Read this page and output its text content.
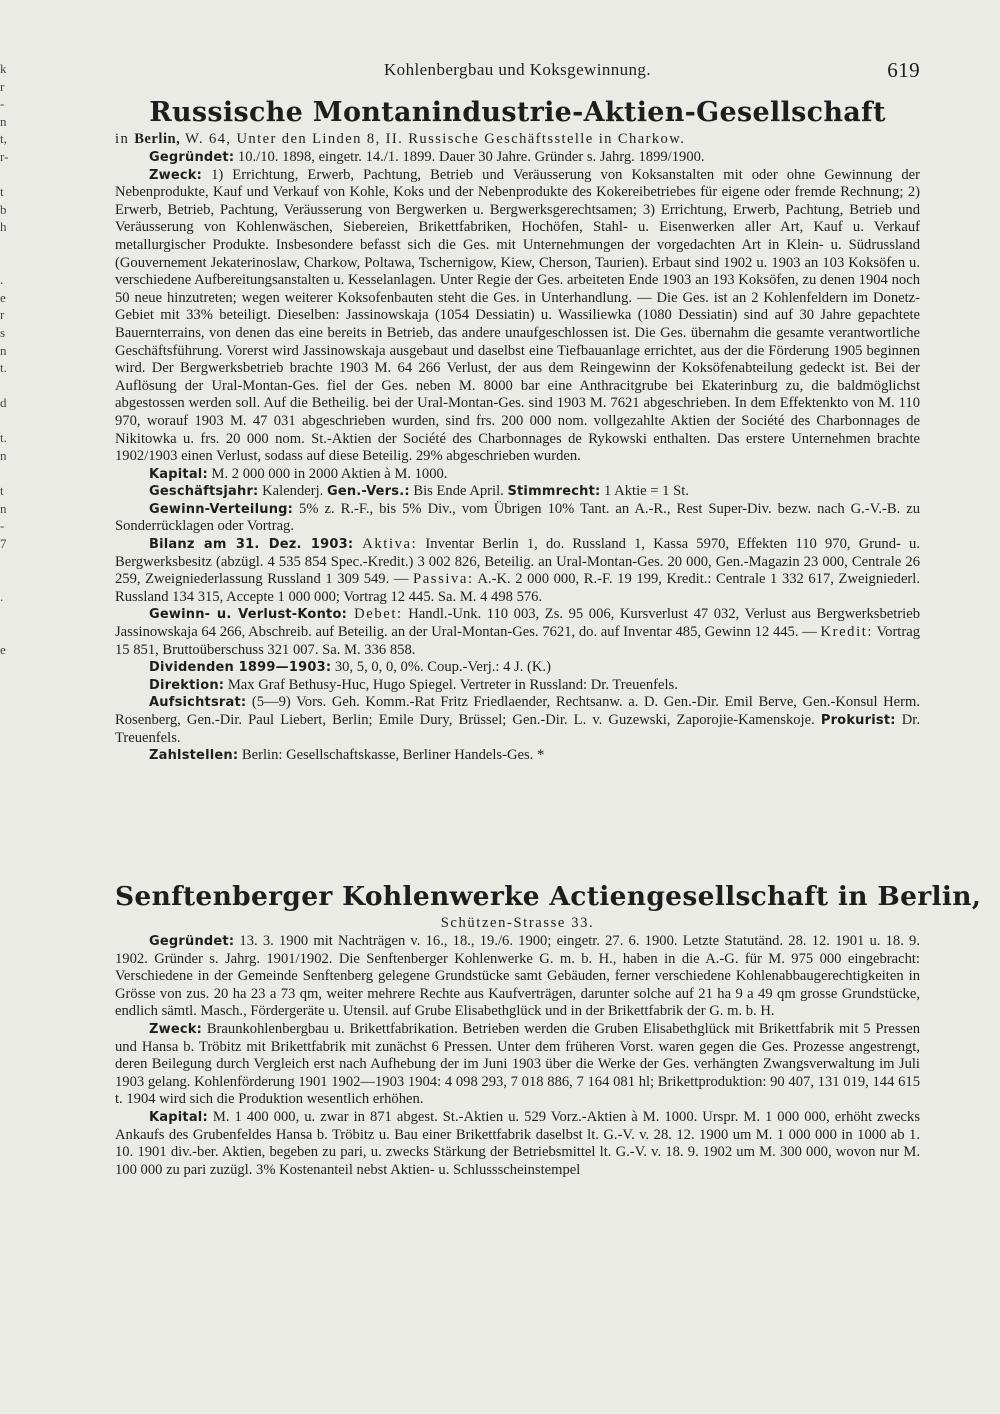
k
r
-
n
t,
r-
t
b
h
.
e
r
s
n
t.
d
t.
n
t
n
-
7
.
e
Kohlenbergbau und Koksgewinnung.	619
Russische Montanindustrie-Aktien-Gesellschaft
in Berlin, W. 64, Unter den Linden 8, II. Russische Geschäftsstelle in Charkow.

Gegründet: 10./10. 1898, eingetr. 14./1. 1899. Dauer 30 Jahre. Gründer s. Jahrg. 1899/1900.

Zweck: 1) Errichtung, Erwerb, Pachtung, Betrieb und Veräusserung von Koksanstalten mit oder ohne Gewinnung der Nebenprodukte, Kauf und Verkauf von Kohle, Koks und der Nebenprodukte des Kokereibetriebes für eigene oder fremde Rechnung; 2) Erwerb, Betrieb, Pachtung, Veräusserung von Bergwerken u. Bergwerksgerechtsamen; 3) Errichtung, Erwerb, Pachtung, Betrieb und Veräusserung von Kohlenwäschen, Siebereien, Brikettfabriken, Hochöfen, Stahl- u. Eisenwerken aller Art, Kauf u. Verkauf metallurgischer Produkte. Insbesondere befasst sich die Ges. mit Unternehmungen der vorgedachten Art in Klein- u. Südrussland (Gouvernement Jekaterinoslaw, Charkow, Poltawa, Tschernigow, Kiew, Cherson, Taurien). Erbaut sind 1902 u. 1903 an 103 Koksöfen u. verschiedene Aufbereitungsanstalten u. Kesselanlagen. Unter Regie der Ges. arbeiteten Ende 1903 an 193 Koksöfen, zu denen 1904 noch 50 neue hinzutreten; wegen weiterer Koksofenbauten steht die Ges. in Unterhandlung. — Die Ges. ist an 2 Kohlenfeldern im Donetz-Gebiet mit 33% beteiligt. Dieselben: Jassinowskaja (1054 Dessiatin) u. Wassiliewka (1080 Dessiatin) sind auf 30 Jahre gepachtete Bauernterrains, von denen das eine bereits in Betrieb, das andere unaufgeschlossen ist. Die Ges. übernahm die gesamte verantwortliche Geschäftsführung. Vorerst wird Jassinowskaja ausgebaut und daselbst eine Tiefbauanlage errichtet, aus der die Förderung 1905 beginnen wird. Der Bergwerksbetrieb brachte 1903 M. 64 266 Verlust, der aus dem Reingewinn der Koksöfenabteilung gedeckt ist. Bei der Auflösung der Ural-Montan-Ges. fiel der Ges. neben M. 8000 bar eine Anthracitgrube bei Ekaterinburg zu, die baldmöglichst abgestossen werden soll. Auf die Betheilig. bei der Ural-Montan-Ges. sind 1903 M. 7621 abgeschrieben. In dem Effektenkto von M. 110 970, worauf 1903 M. 47 031 abgeschrieben wurden, sind frs. 200 000 nom. vollgezahlte Aktien der Société des Charbonnages de Nikitowka u. frs. 20 000 nom. St.-Aktien der Société des Charbonnages de Rykowski enthalten. Das erstere Unternehmen brachte 1902/1903 einen Verlust, sodass auf diese Beteilig. 29% abgeschrieben wurden.

Kapital: M. 2 000 000 in 2000 Aktien à M. 1000.

Geschäftsjahr: Kalenderj. Gen.-Vers.: Bis Ende April. Stimmrecht: 1 Aktie = 1 St.

Gewinn-Verteilung: 5% z. R.-F., bis 5% Div., vom Übrigen 10% Tant. an A.-R., Rest Super-Div. bezw. nach G.-V.-B. zu Sonderrücklagen oder Vortrag.

Bilanz am 31. Dez. 1903: Aktiva: Inventar Berlin 1, do. Russland 1, Kassa 5970, Effekten 110 970, Grund- u. Bergwerksbesitz (abzügl. 4 535 854 Spec.-Kredit.) 3 002 826, Beteilig. an Ural-Montan-Ges. 20 000, Gen.-Magazin 23 000, Centrale 26 259, Zweigniederlassung Russland 1 309 549. — Passiva: A.-K. 2 000 000, R.-F. 19 199, Kredit.: Centrale 1 332 617, Zweigniederl. Russland 134 315, Accepte 1 000 000; Vortrag 12 445. Sa. M. 4 498 576.

Gewinn- u. Verlust-Konto: Debet: Handl.-Unk. 110 003, Zs. 95 006, Kursverlust 47 032, Verlust aus Bergwerksbetrieb Jassinowskaja 64 266, Abschreib. auf Beteilig. an der Ural-Montan-Ges. 7621, do. auf Inventar 485, Gewinn 12 445. — Kredit: Vortrag 15 851, Bruttoüberschuss 321 007. Sa. M. 336 858.

Dividenden 1899—1903: 30, 5, 0, 0, 0%. Coup.-Verj.: 4 J. (K.)

Direktion: Max Graf Bethusy-Huc, Hugo Spiegel. Vertreter in Russland: Dr. Treuenfels.

Aufsichtsrat: (5—9) Vors. Geh. Komm.-Rat Fritz Friedlaender, Rechtsanw. a. D. Gen.-Dir. Emil Berve, Gen.-Konsul Herm. Rosenberg, Gen.-Dir. Paul Liebert, Berlin; Emile Dury, Brüssel; Gen.-Dir. L. v. Guzewski, Zaporojie-Kamenskoje. Prokurist: Dr. Treuenfels.

Zahlstellen: Berlin: Gesellschaftskasse, Berliner Handels-Ges. *

Senftenberger Kohlenwerke Actiengesellschaft in Berlin,
Schützen-Strasse 33.

Gegründet: 13. 3. 1900 mit Nachträgen v. 16., 18., 19./6. 1900; eingetr. 27. 6. 1900. Letzte Statutänd. 28. 12. 1901 u. 18. 9. 1902. Gründer s. Jahrg. 1901/1902. Die Senftenberger Kohlenwerke G. m. b. H., haben in die A.-G. für M. 975 000 eingebracht: Verschiedene in der Gemeinde Senftenberg gelegene Grundstücke samt Gebäuden, ferner verschiedene Kohlenabbaugerechtigkeiten in Grösse von zus. 20 ha 23 a 73 qm, weiter mehrere Rechte aus Kaufverträgen, darunter solche auf 21 ha 9 a 49 qm grosse Grundstücke, endlich sämtl. Masch., Fördergeräte u. Utensil. auf Grube Elisabethglück und in der Brikettfabrik der G. m. b. H.

Zweck: Braunkohlenbergbau u. Brikettfabrikation. Betrieben werden die Gruben Elisabethglück mit Brikettfabrik mit 5 Pressen und Hansa b. Tröbitz mit Brikettfabrik mit zunächst 6 Pressen. Unter dem früheren Vorst. waren gegen die Ges. Prozesse angestrengt, deren Beilegung durch Vergleich erst nach Aufhebung der im Juni 1903 über die Werke der Ges. verhängten Zwangsverwaltung im Juli 1903 gelang. Kohlenförderung 1901 1902—1903 1904: 4 098 293, 7 018 886, 7 164 081 hl; Brikettproduktion: 90 407, 131 019, 144 615 t. 1904 wird sich die Produktion wesentlich erhöhen.

Kapital: M. 1 400 000, u. zwar in 871 abgest. St.-Aktien u. 529 Vorz.-Aktien à M. 1000. Urspr. M. 1 000 000, erhöht zwecks Ankaufs des Grubenfeldes Hansa b. Tröbitz u. Bau einer Brikettfabrik daselbst lt. G.-V. v. 28. 12. 1900 um M. 1 000 000 in 1000 ab 1. 10. 1901 div.-ber. Aktien, begeben zu pari, u. zwecks Stärkung der Betriebsmittel lt. G.-V. v. 18. 9. 1902 um M. 300 000, wovon nur M. 100 000 zu pari zuzügl. 3% Kostenanteil nebst Aktien- u. Schlussscheinstempel
